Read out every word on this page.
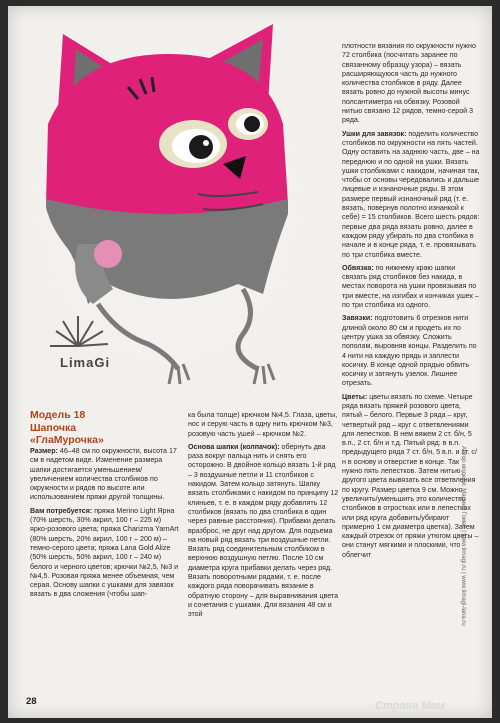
LimaGi
Модель 18
Шапочка
«ГлаМурочка»

Размер: 46–48 см по окружности, высота 17 см в надетом виде. Изменение размера шапки достигается уменьшением/увеличением количества столбиков по окружности и рядов по высоте или использованием пряжи другой толщины.

Вам потребуется: пряжа Merino Light Ярна (70% шерсть, 30% акрил, 100 г – 225 м) ярко-розового цвета; пряжа Charizma YarnArt (80% шерсть, 20% акрил, 100 г – 200 м) – темно-серого цвета; пряжа Lana Gold Alize (50% шерсть, 50% акрил, 100 г – 240 м) белого и черного цветов; крючки №2,5, №3 и №4,5. Розовая пряжа менее объемная, чем серая. Основу шапки с ушками для завязок вязать в два сложения (чтобы шап-

ка была толще) крючком №4,5. Глаза, цветы, нос и серую часть в одну нить крючком №3, розовую часть ушей – крючком №2.

Основа шапки (колпачок): обернуть два раза вокруг пальца нить и снять его осторожно. В двойное кольцо вязать 1-й ряд – 3 воздушные петли и 11 столбиков с накидом. Затем кольцо затянуть. Шапку вязать столбиками с накидом по принципу 12 клиньев, т. е. в каждом ряду добавлять 12 столбиков (вязать по два столбика в один через равные расстояния). Прибавки делать вразброс, не друг над другом. Для подъема на новый ряд вязать три воздушные петли. Вязать ряд соединительным столбиком в верхнюю воздушную петлю. После 10 см диаметра круга прибавки делать через ряд. Вязать поворотными рядами, т. е. после каждого ряда поворачивать вязание в обратную сторону – для выравнивания цвета и сочетания с ушками. Для вязания 48 см и этой

плотности вязания по окружности нужно 72 столбика (посчитать заранее по связанному образцу узора) – вязать расширяющуюся часть до нужного количества столбиков в ряду. Далее вязать ровно до нужной высоты минус полсантиметра на обвязку. Розовой нитью связано 12 рядов, темно-серой 3 ряда.

Ушки для завязок: поделить количество столбиков по окружности на пять частей. Одну оставить на заднюю часть, две – на переднюю и по одной на ушки. Вязать ушки столбиками с накидом, начиная так, чтобы от основы чередовались и дальше лицевые и изнаночные ряды. В этом размере первый изнаночный ряд (т. е. вязать, повернув полотно изнанкой к себе) = 15 столбиков. Всего шесть рядов: первые два ряда вязать ровно, далее в каждом ряду убирать по два столбика в начале и в конце ряда, т. е. провязывать по три столбика вместе.

Обвязка: по нижнему краю шапки связать ряд столбиков без накида, в местах поворота на ушки провязывая по три вместе, на изгибах и кончиках ушек – по три столбика из одного.

Завязки: подготовить 6 отрезков нити длиной около 80 см и продеть их по центру ушка за обвязку. Сложить пополам, выровняв концы. Разделить по 4 нити на каждую прядь и заплести косичку. В конце одной прядью обвить косичку и затянуть узелок. Лишнее отрезать.

Цветы: цветы вязать по схеме. Четыре ряда вязать пряжей розового цвета, пятый – белого. Первые 3 ряда – круг, четвертый ряд – круг с ответвлениями для лепестков. В нем вяжем 2 ст. б/н, 5 в.п., 2 ст. б/н и т.д. Пятый ряд: в в.п. предыдущего ряда 7 ст. б/н, 5 в.п. и ст. с/н в основу и отверстие в конце. Так нужно пять лепестков. Затем нитью другого цвета вывязать все ответвления по кругу. Размер цветка 9 см. Можно увеличить/уменьшить это количество столбиков в отростках или в лепестках или ряд круга добавить/убирают примерно 1 см диаметра цветка). Затем каждый отрезок от пряжи утюгом цветы – они станут мягкими и плоскими, что облегчит	Автор модели: Марина Гомеп | www.limagi.ru | www.limagi-lana.ru
28	Страна Мам
